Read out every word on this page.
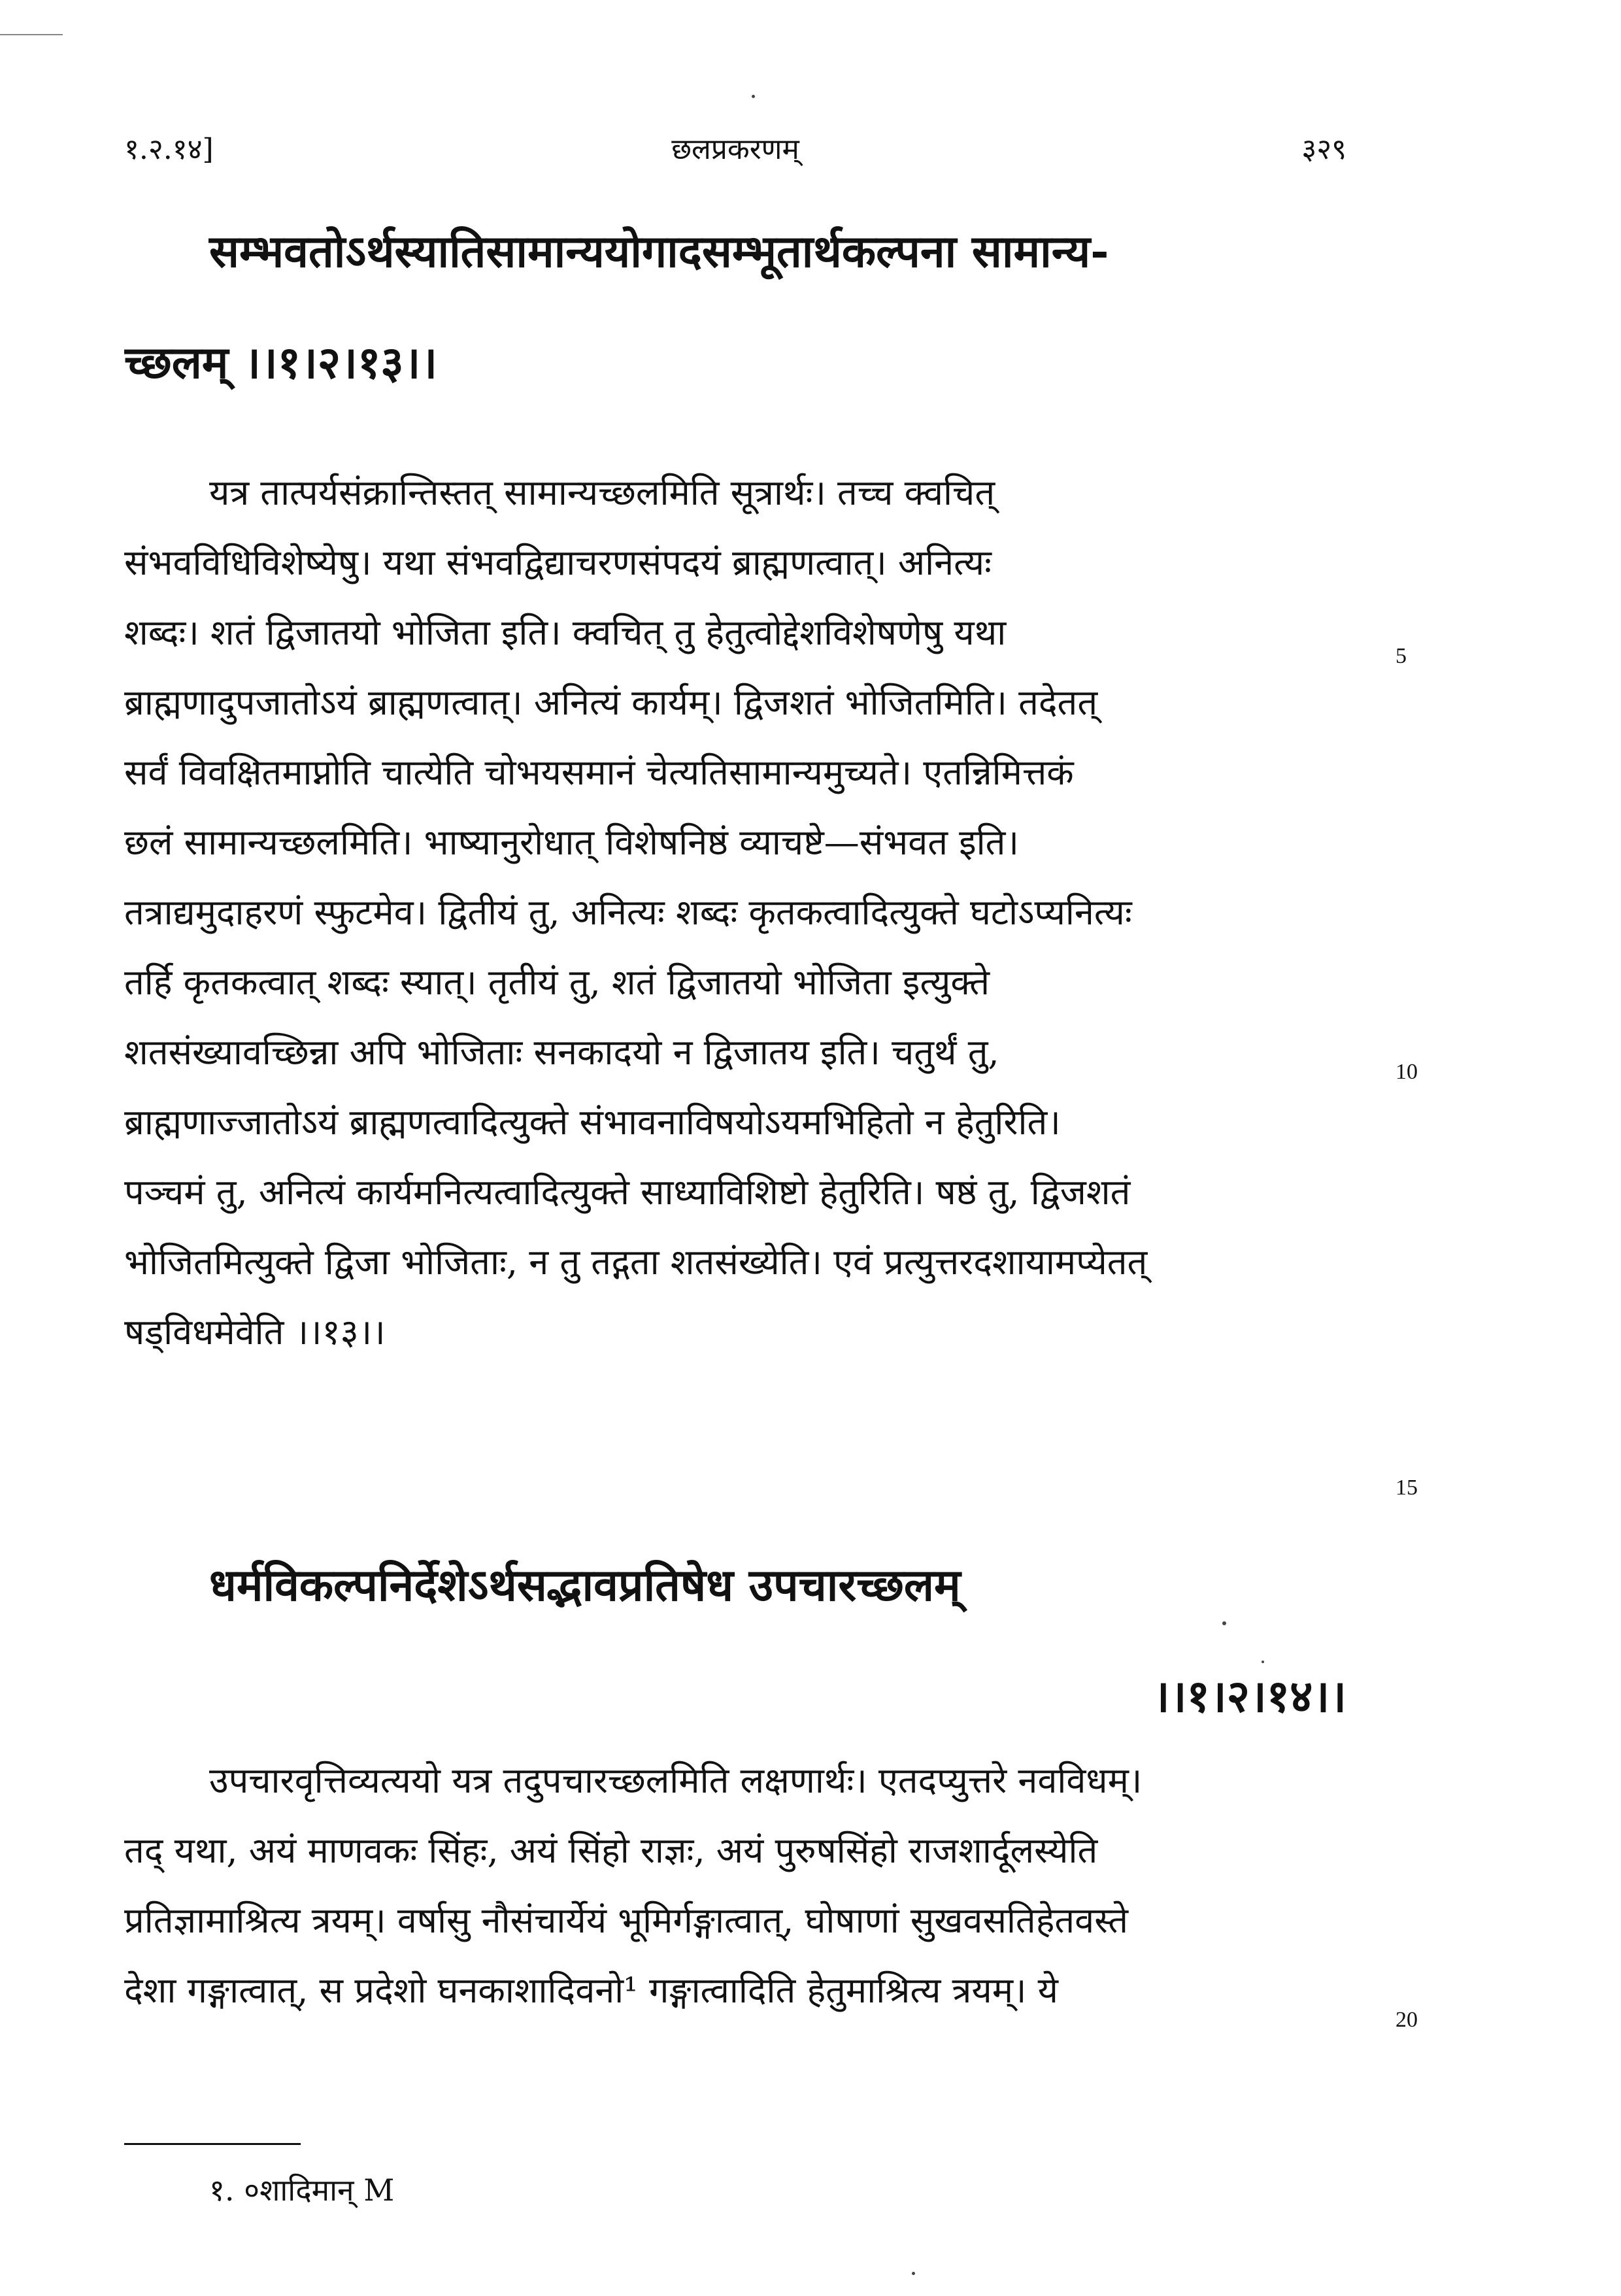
१.२.१४]	छलप्रकरणम्	३२९
सम्भवतोऽर्थस्यातिसामान्ययोगादसम्भूतार्थकल्पना सामान्य-
च्छलम् ।।१।२।१३।।
यत्र तात्पर्यसंक्रान्तिस्तत् सामान्यच्छलमिति सूत्रार्थः। तच्च क्वचित्
संभवविधिविशेष्येषु। यथा संभवद्विद्याचरणसंपदयं ब्राह्मणत्वात्। अनित्यः
शब्दः। शतं द्विजातयो भोजिता इति। क्वचित् तु हेतुत्वोद्देशविशेषणेषु यथा
ब्राह्मणादुपजातोऽयं ब्राह्मणत्वात्। अनित्यं कार्यम्। द्विजशतं भोजितमिति। तदेतत्
सर्वं विवक्षितमाप्नोति चात्येति चोभयसमानं चेत्यतिसामान्यमुच्यते। एतन्निमित्तकं
छलं सामान्यच्छलमिति। भाष्यानुरोधात् विशेषनिष्ठं व्याचष्टे—संभवत इति।
तत्राद्यमुदाहरणं स्फुटमेव। द्वितीयं तु, अनित्यः शब्दः कृतकत्वादित्युक्ते घटोऽप्यनित्यः
तर्हि कृतकत्वात् शब्दः स्यात्। तृतीयं तु, शतं द्विजातयो भोजिता इत्युक्ते
शतसंख्यावच्छिन्ना अपि भोजिताः सनकादयो न द्विजातय इति। चतुर्थं तु,
ब्राह्मणाज्जातोऽयं ब्राह्मणत्वादित्युक्ते संभावनाविषयोऽयमभिहितो न हेतुरिति।
पञ्चमं तु, अनित्यं कार्यमनित्यत्वादित्युक्ते साध्याविशिष्टो हेतुरिति। षष्ठं तु, द्विजशतं
भोजितमित्युक्ते द्विजा भोजिताः, न तु तद्गता शतसंख्येति। एवं प्रत्युत्तरदशायामप्येतत्
षड्विधमेवेति ।।१३।।
धर्मविकल्पनिर्देशेऽर्थसद्भावप्रतिषेध उपचारच्छलम्
।।१।२।१४।।
उपचारवृत्तिव्यत्ययो यत्र तदुपचारच्छलमिति लक्षणार्थः। एतदप्युत्तरे नवविधम्।
तद् यथा, अयं माणवकः सिंहः, अयं सिंहो राज्ञः, अयं पुरुषसिंहो राजशार्दूलस्येति
प्रतिज्ञामाश्रित्य त्रयम्। वर्षासु नौसंचार्येयं भूमिर्गङ्गात्वात्, घोषाणां सुखवसतिहेतवस्ते
देशा गङ्गात्वात्, स प्रदेशो घनकाशादिवनो¹ गङ्गात्वादिति हेतुमाश्रित्य त्रयम्। ये
5
10
15
20
१. ०शादिमान् M
